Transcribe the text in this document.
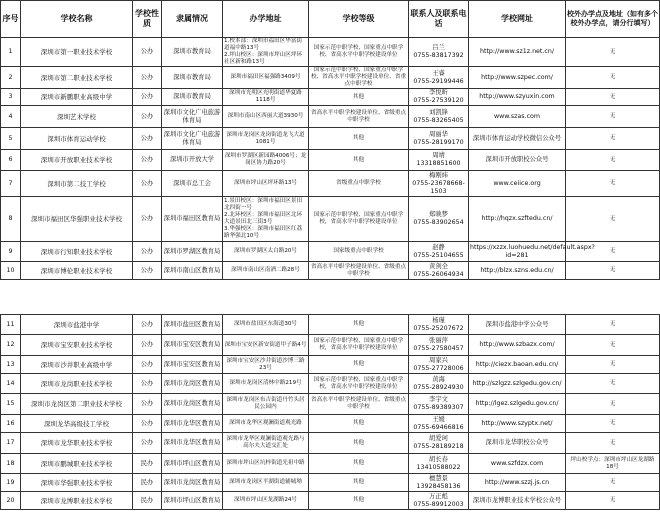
序号	学校名称	学校性质	隶属情况	办学地址	学校等级	联系人及联系电话	学校网址	校外办学点及地址（如有多个校外办学点，请分行填写）
1	深圳市第一职业技术学校	公办	深圳市教育局	1.校本部：深圳市福田区华富街道福中路13号
2.坪山校区：深圳市坪山区坪环社区新和路13号	国家示范中职学校、国家重点中职学校、省高水平中职学校建设单位	吕兰
0755-83817392	http://www.sz1z.net.cn/	无
2	深圳市第二职业技术学校	公办	深圳市教育局	深圳市福田区福强路3409号	国家示范中职学校、国家重点中职学校、省高水平中职学校建设单位、省重点中职学校	王睿
0755-29199446	http://www.szpec.com/	无
3	深圳市新鹏职业高级中学	公办	深圳市教育局	深圳市光明区光明街道华夏路1118号	其他	李悦昕
0755-27539120	http://www.szyuxin.com	无
4	深圳艺术学校	公办	深圳市文化广电旅游体育局	深圳市南山区西丽大道3930号	省高水平中职学校建设单位、省级重点中职学校	刘凯锋
0755-83265405	www.szas.com	无
5	深圳市体育运动学校	公办	深圳市文化广电旅游体育局	深圳市龙岗区龙岗街道龙飞大道1081号	其他	周丽华
0755-28199170	深圳市体育运动学校微信公众号	无
6	深圳市开放职业技术学校	公办	深圳市开放大学	深圳市罗湖区新园路4006号；龙岗区协力路20号	其他	周靖
13318851600	深圳市开放职校公众号	无
7	深圳市第二技工学校	公办	深圳市总工会	深圳市坪山区坪环路13号	省级重点中职学校	梅刚炜
0755-23678668-1503	www.ceiice.org	无
8	深圳市福田区华强职业技术学校	公办	深圳市福田区教育局	1.景田校区：深圳市福田区景田北四街一号
2.北环校区：深圳市福田区北环大道景田北三街3号
3.华强校区：深圳市福田区红荔路华强北10号	国家示范中职学校、国家重点中职学校，省高水平中职学校建设单位	郑映梦
0755-83902654	http://hqzx.szftedu.cn/	无
9	深圳市行知职业技术学校	公办	深圳市罗湖区教育局	深圳市罗湖区太白路20号	国家级重点中职学校	赵静
0755-25104655	https://xzzx.luohuedu.net/default.aspx?id=281	无
10	深圳市博伦职业技术学校	公办	深圳市南山区教育局	深圳市南山区南酒二路28号	省高水平中职学校建设单位、省级重点中职学校	黄剑全
0755-26064934	http://blzx.szns.edu.cn/	无
11	深圳市盐港中学	公办	深圳市盐田区教育局	深圳市盐田区东海道30号	其他	杨瑾
0755-25207672	深圳市盐港中学公众号	无
12	深圳市宝安职业技术学校	公办	深圳市宝安区教育局	深圳市宝安区新安街道甲子路4号	国家示范中职学校、国家重点中职学校，省高水平中职学校建设单位	张丽萍
0755-27580457	http://www.szbazx.com/	无
13	深圳市沙井职业高级中学	公办	深圳市宝安区教育局	深圳市宝安区沙井街道沙博三路23号	其他	周家兴
0755-27728006	http://ciezx.baoan.edu.cn/	无
14	深圳市龙岗职业技术学校	公办	深圳市龙岗区教育局	深圳市龙岗区清林中路219号	国家示范中职学校、国家重点中职学校，省高水平中职学校建设单位	黄海
0755-28924930	http://szlgzz.szlgedu.gov.cn/	无
15	深圳市龙岗区第二职业技术学校	公办	深圳市龙岗区教育局	深圳市龙岗区布吉街道丹竹头居民公园内	省高水平中职学校建设单位、省级重点中职学校	李宇文
0755-89389307	http://lgez.szlgedu.gov.cn/	无
16	深圳龙华高级技工学校	公办	深圳市龙华区教育局	深圳市龙华区观澜街道观光路	其他	王媛
0755-69466816	http://www.szyptx.net/	无
17	深圳市龙华职业技术学校	公办	深圳市龙华区教育局	深圳市龙华区观澜街道观光路与高尔夫大道交汇处	其他	胡爱珂
0755-28189218	深圳市龙华职校公众号	无
18	深圳市鹏城职业技术学校	民办	深圳市坪山区教育局	深圳市坪山区坑梓街道光祖中路	其他	胡长春
13410588022	www.szfdzx.com	坪山校学点：深圳市坪山区龙湖路18号
19	深圳市华强职业技术学校	民办	深圳市龙岗区教育局	深圳市龙岗区平湖街道辅城坳	其他	檀慧景
13928458136	http://www.szzj.js.cn	无
20	深圳市龙博职业技术学校	民办	深圳市坪山区教育局	深圳市坪山区龙湖路24号	其他	万正彪
0755-89912003	深圳市龙博职业技术学校公众号	无
